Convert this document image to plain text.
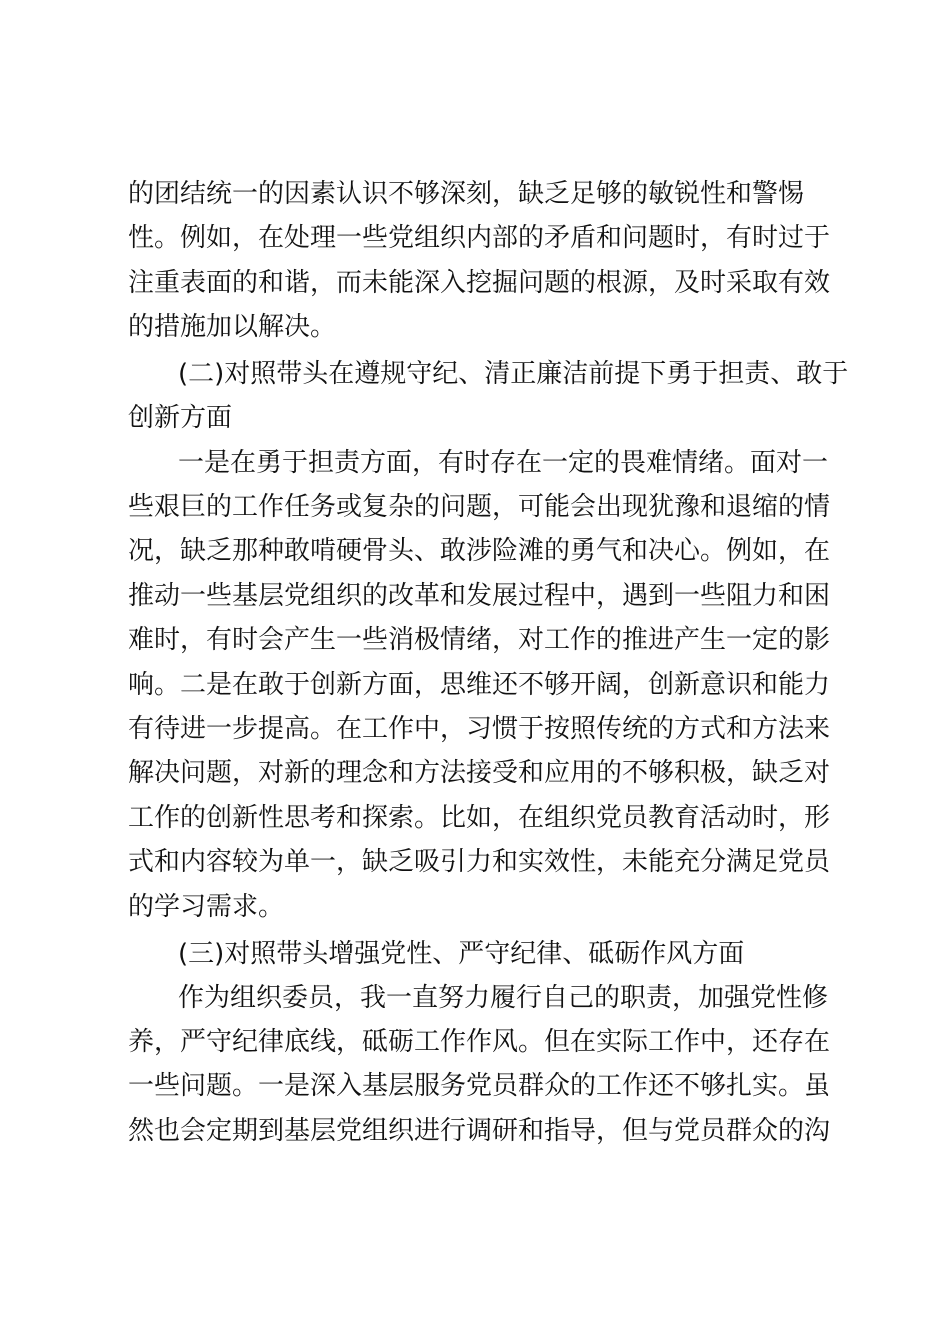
的团结统一的因素认识不够深刻，缺乏足够的敏锐性和警惕
性。例如，在处理一些党组织内部的矛盾和问题时，有时过于
注重表面的和谐，而未能深入挖掘问题的根源，及时采取有效
的措施加以解决。
(二)对照带头在遵规守纪、清正廉洁前提下勇于担责、敢于
创新方面
一是在勇于担责方面，有时存在一定的畏难情绪。面对一
些艰巨的工作任务或复杂的问题，可能会出现犹豫和退缩的情
况，缺乏那种敢啃硬骨头、敢涉险滩的勇气和决心。例如，在
推动一些基层党组织的改革和发展过程中，遇到一些阻力和困
难时，有时会产生一些消极情绪，对工作的推进产生一定的影
响。二是在敢于创新方面，思维还不够开阔，创新意识和能力
有待进一步提高。在工作中，习惯于按照传统的方式和方法来
解决问题，对新的理念和方法接受和应用的不够积极，缺乏对
工作的创新性思考和探索。比如，在组织党员教育活动时，形
式和内容较为单一，缺乏吸引力和实效性，未能充分满足党员
的学习需求。
(三)对照带头增强党性、严守纪律、砥砺作风方面
作为组织委员，我一直努力履行自己的职责，加强党性修
养，严守纪律底线，砥砺工作作风。但在实际工作中，还存在
一些问题。一是深入基层服务党员群众的工作还不够扎实。虽
然也会定期到基层党组织进行调研和指导，但与党员群众的沟
